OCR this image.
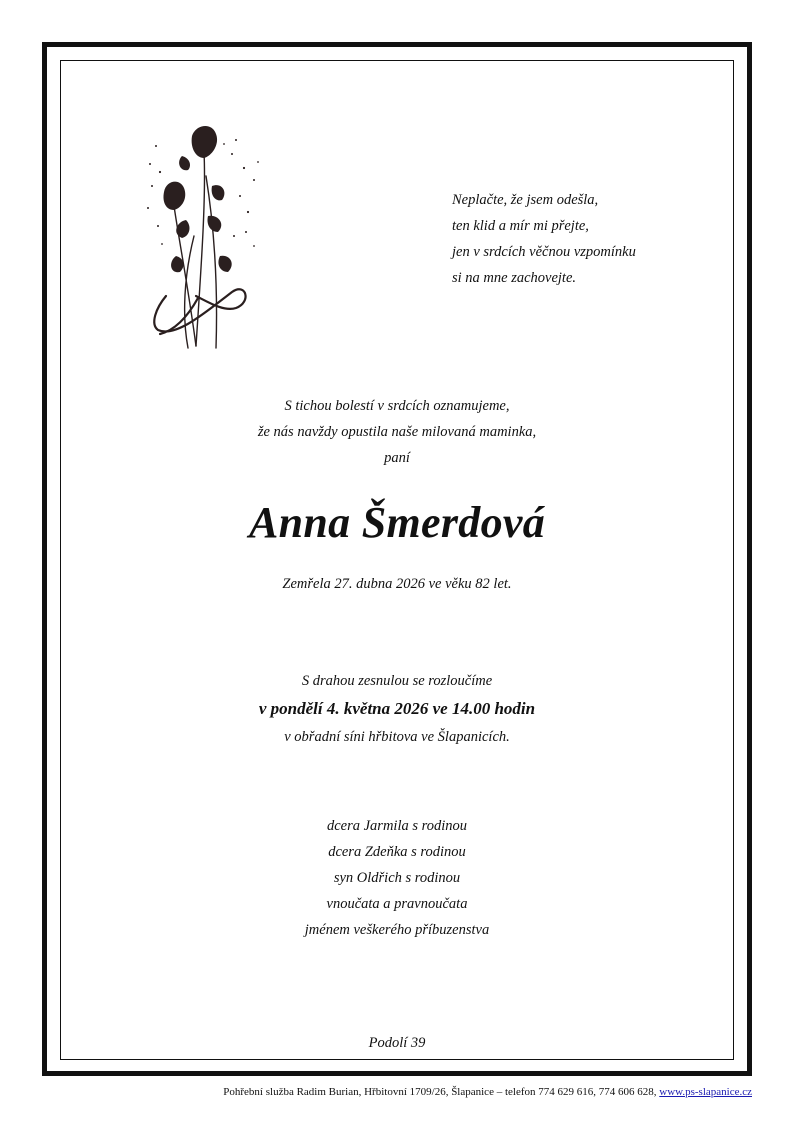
Neplačte, že jsem odešla,
ten klid a mír mi přejte,
jen v srdcích věčnou vzpomínku
si na mne zachovejte.
S tichou bolestí v srdcích oznamujeme,
že nás navždy opustila naše milovaná maminka,
paní
Anna Šmerdová
Zemřela 27. dubna 2026 ve věku 82 let.
S drahou zesnulou se rozloučíme
v pondělí 4. května 2026 ve 14.00 hodin
v obřadní síni hřbitova ve Šlapanicích.
dcera Jarmila s rodinou
dcera Zdeňka s rodinou
syn Oldřich s rodinou
vnoučata a pravnoučata
jménem veškerého příbuzenstva
Podolí 39
Pohřební služba Radim Burian, Hřbitovní 1709/26, Šlapanice – telefon 774 629 616, 774 606 628, www.ps-slapanice.cz
